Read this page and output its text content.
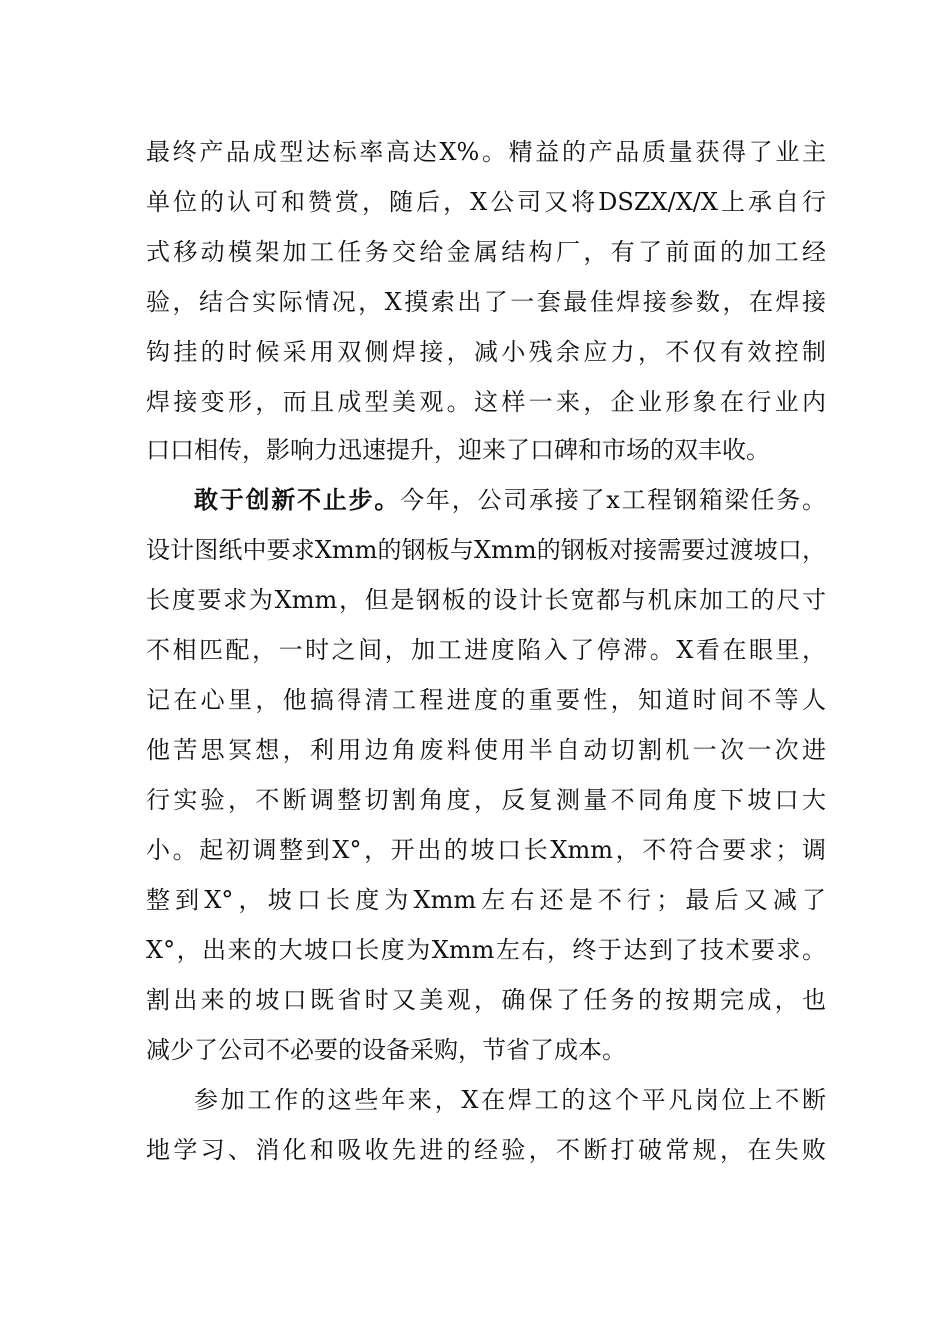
最终产品成型达标率高达X%。精益的产品质量获得了业主
单位的认可和赞赏，随后，X公司又将DSZX/X/X上承自行
式移动模架加工任务交给金属结构厂，有了前面的加工经
验，结合实际情况，X摸索出了一套最佳焊接参数，在焊接
钩挂的时候采用双侧焊接，减小残余应力，不仅有效控制
焊接变形，而且成型美观。这样一来，企业形象在行业内
口口相传，影响力迅速提升，迎来了口碑和市场的双丰收。
敢于创新不止步。今年，公司承接了x工程钢箱梁任务。
设计图纸中要求Xmm的钢板与Xmm的钢板对接需要过渡坡口，
长度要求为Xmm，但是钢板的设计长宽都与机床加工的尺寸
不相匹配，一时之间，加工进度陷入了停滞。X看在眼里，
记在心里，他搞得清工程进度的重要性，知道时间不等人
他苦思冥想，利用边角废料使用半自动切割机一次一次进
行实验，不断调整切割角度，反复测量不同角度下坡口大
小。起初调整到X°，开出的坡口长Xmm，不符合要求；调
整到X°，坡口长度为Xmm左右还是不行；最后又减了
X°，出来的大坡口长度为Xmm左右，终于达到了技术要求。
割出来的坡口既省时又美观，确保了任务的按期完成，也
减少了公司不必要的设备采购，节省了成本。
参加工作的这些年来，X在焊工的这个平凡岗位上不断
地学习、消化和吸收先进的经验，不断打破常规，在失败
